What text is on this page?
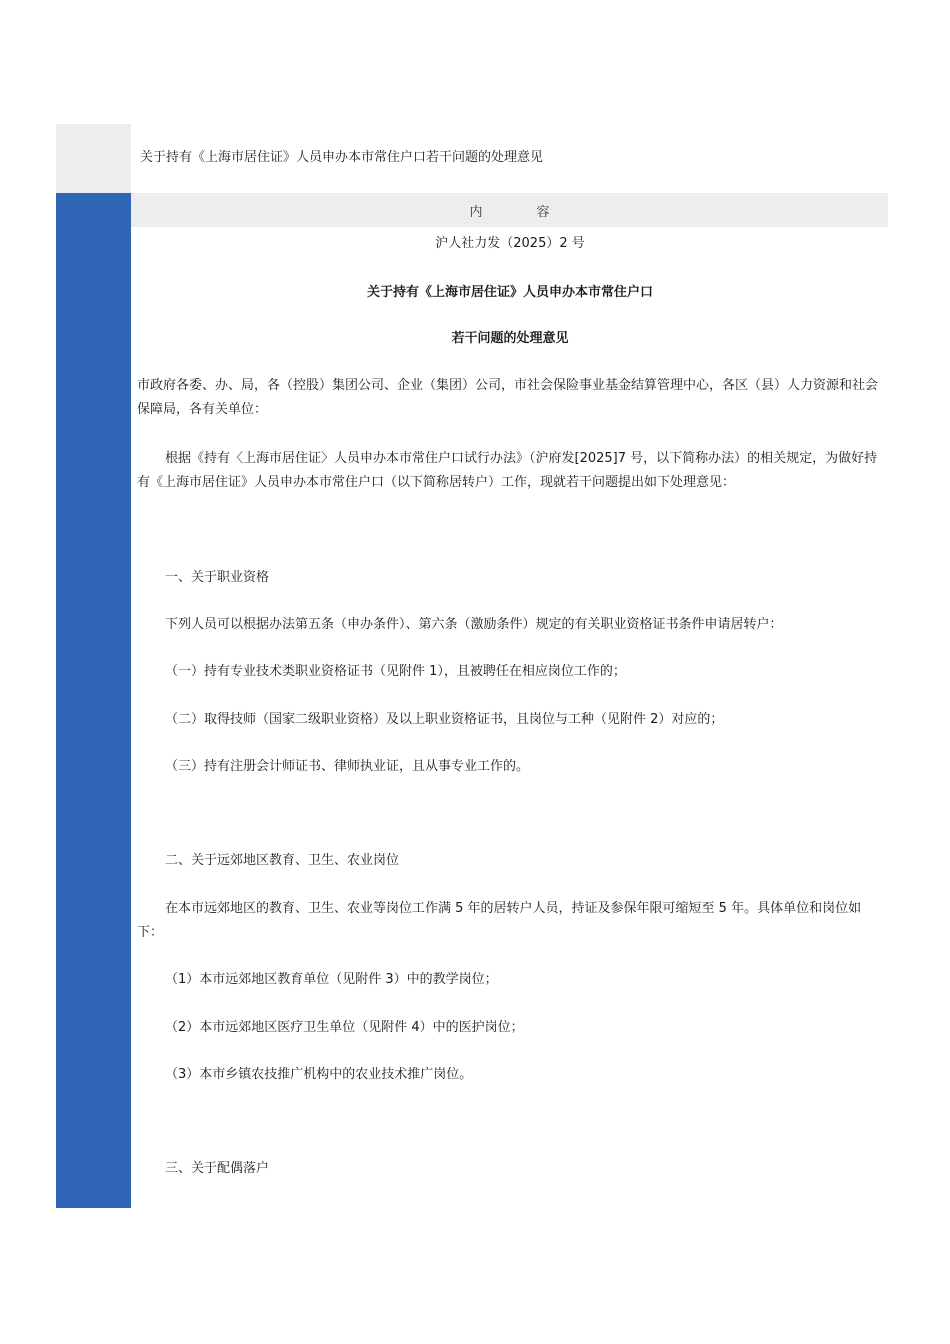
关于持有《上海市居住证》人员申办本市常住户口若干问题的处理意见
内	容

沪人社力发（2025）2 号

关于持有《上海市居住证》人员申办本市常住户口

若干问题的处理意见

市政府各委、办、局，各（控股）集团公司、企业（集团）公司，市社会保险事业基金结算管理中心，各区（县）人力资源和社会保障局，各有关单位：

根据《持有〈上海市居住证〉人员申办本市常住户口试行办法》（沪府发[2025]7 号，以下简称办法）的相关规定，为做好持有《上海市居住证》人员申办本市常住户口（以下简称居转户）工作，现就若干问题提出如下处理意见：

一、关于职业资格

下列人员可以根据办法第五条（申办条件）、第六条（激励条件）规定的有关职业资格证书条件申请居转户：

（一）持有专业技术类职业资格证书（见附件 1），且被聘任在相应岗位工作的；

（二）取得技师（国家二级职业资格）及以上职业资格证书，且岗位与工种（见附件 2）对应的；

（三）持有注册会计师证书、律师执业证，且从事专业工作的。

二、关于远郊地区教育、卫生、农业岗位

在本市远郊地区的教育、卫生、农业等岗位工作满 5 年的居转户人员，持证及参保年限可缩短至 5 年。具体单位和岗位如下：

（1）本市远郊地区教育单位（见附件 3）中的教学岗位；

（2）本市远郊地区医疗卫生单位（见附件 4）中的医护岗位；

（3）本市乡镇农技推广机构中的农业技术推广岗位。

三、关于配偶落户
